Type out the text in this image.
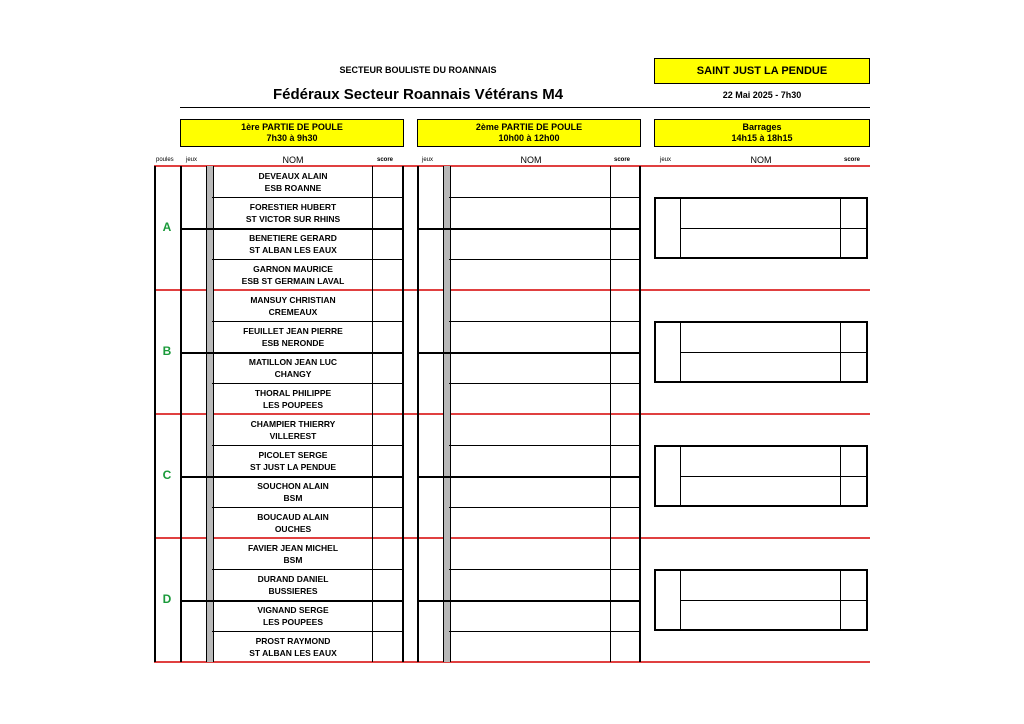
SECTEUR BOULISTE DU ROANNAIS
Fédéraux Secteur Roannais Vétérans M4
SAINT JUST LA PENDUE
22 Mai 2025 - 7h30
1ère PARTIE DE POULE
7h30 à 9h30
2ème PARTIE DE POULE
10h00 à 12h00
Barrages
14h15 à 18h15
poules jeux	NOM	score	jeux	NOM	score	jeux	NOM	score
A
DEVEAUX ALAIN
ESB ROANNE
FORESTIER HUBERT
ST VICTOR SUR RHINS
BENETIERE GERARD
ST ALBAN LES EAUX
GARNON MAURICE
ESB ST GERMAIN LAVAL
B
MANSUY CHRISTIAN
CREMEAUX
FEUILLET JEAN PIERRE
ESB NERONDE
MATILLON JEAN LUC
CHANGY
THORAL PHILIPPE
LES POUPEES
C
CHAMPIER THIERRY
VILLEREST
PICOLET SERGE
ST JUST LA PENDUE
SOUCHON ALAIN
BSM
BOUCAUD ALAIN
OUCHES
D
FAVIER JEAN MICHEL
BSM
DURAND DANIEL
BUSSIERES
VIGNAND SERGE
LES POUPEES
PROST RAYMOND
ST ALBAN LES EAUX
